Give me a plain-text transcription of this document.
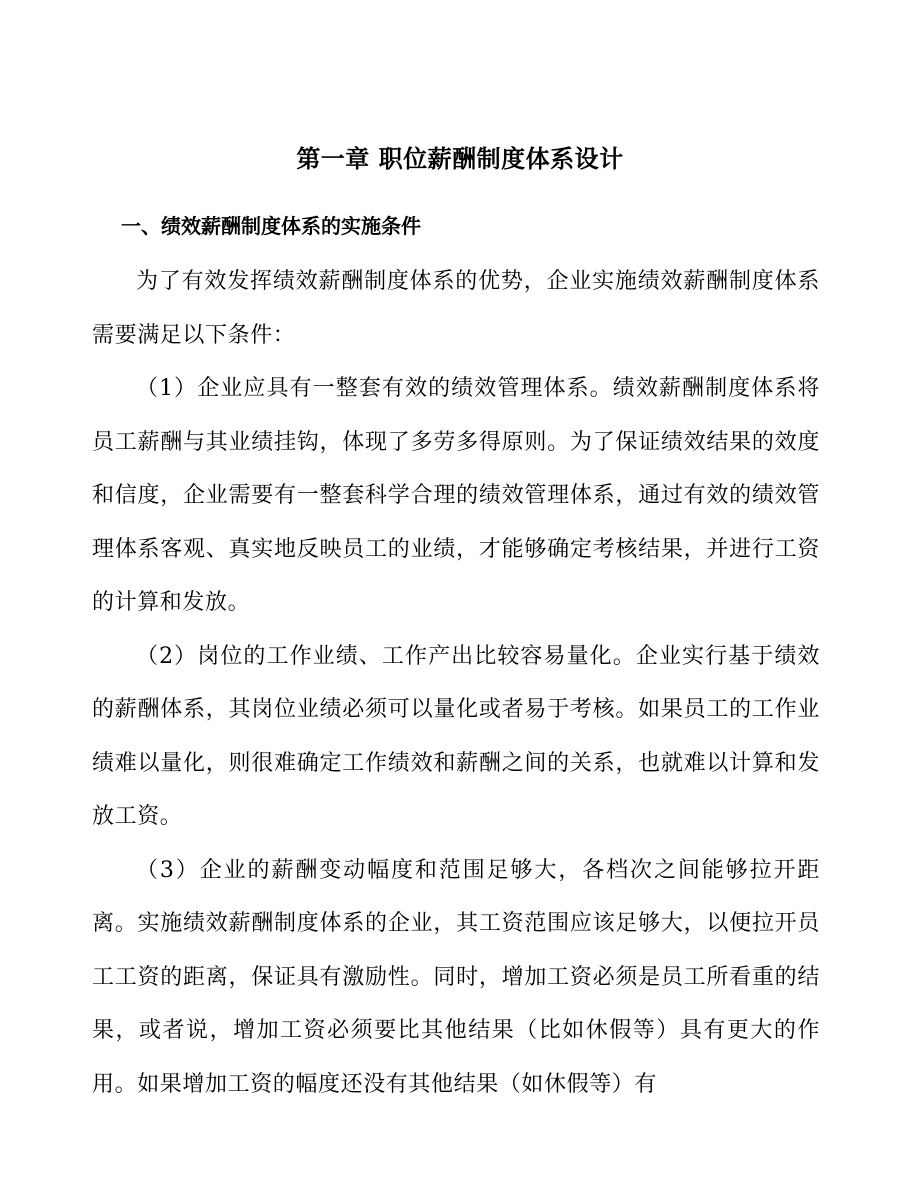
第一章 职位薪酬制度体系设计
一、绩效薪酬制度体系的实施条件

为了有效发挥绩效薪酬制度体系的优势，企业实施绩效薪酬制度体系需要满足以下条件：

（1）企业应具有一整套有效的绩效管理体系。绩效薪酬制度体系将员工薪酬与其业绩挂钩，体现了多劳多得原则。为了保证绩效结果的效度和信度，企业需要有一整套科学合理的绩效管理体系，通过有效的绩效管理体系客观、真实地反映员工的业绩，才能够确定考核结果，并进行工资的计算和发放。

（2）岗位的工作业绩、工作产出比较容易量化。企业实行基于绩效的薪酬体系，其岗位业绩必须可以量化或者易于考核。如果员工的工作业绩难以量化，则很难确定工作绩效和薪酬之间的关系，也就难以计算和发放工资。

（3）企业的薪酬变动幅度和范围足够大，各档次之间能够拉开距离。实施绩效薪酬制度体系的企业，其工资范围应该足够大，以便拉开员工工资的距离，保证具有激励性。同时，增加工资必须是员工所看重的结果，或者说，增加工资必须要比其他结果（比如休假等）具有更大的作用。如果增加工资的幅度还没有其他结果（如休假等）有
